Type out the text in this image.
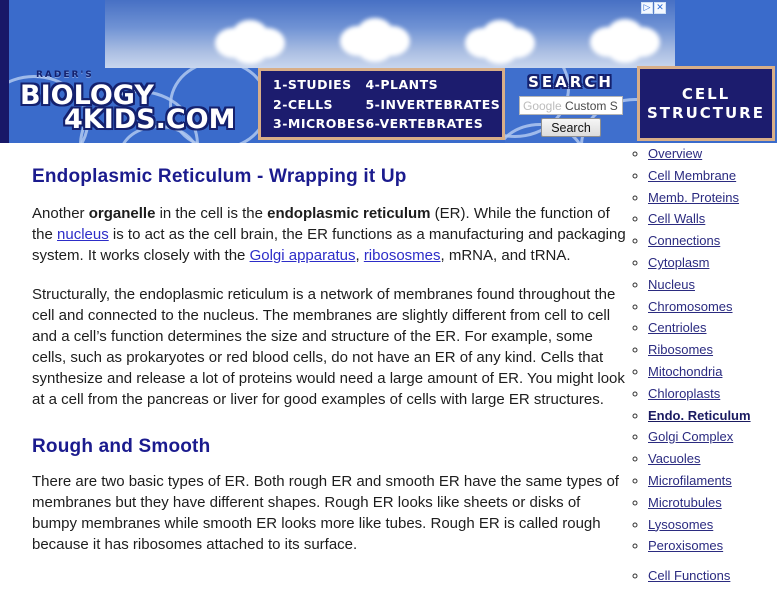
RADER'S
BIOLOGY
4KIDS.COM
▷ ✕
1-STUDIES
2-CELLS
3-MICROBES
4-PLANTS
5-INVERTEBRATES
6-VERTEBRATES
SEARCH
Google Custom S
Search
CELL
STRUCTURE
Endoplasmic Reticulum - Wrapping it Up

Another organelle in the cell is the endoplasmic reticulum (ER). While the function of the nucleus is to act as the cell brain, the ER functions as a manufacturing and packaging system. It works closely with the Golgi apparatus, ribososmes, mRNA, and tRNA.

Structurally, the endoplasmic reticulum is a network of membranes found throughout the cell and connected to the nucleus. The membranes are slightly different from cell to cell and a cell’s function determines the size and structure of the ER. For example, some cells, such as prokaryotes or red blood cells, do not have an ER of any kind. Cells that synthesize and release a lot of proteins would need a large amount of ER. You might look at a cell from the pancreas or liver for good examples of cells with large ER structures.

Rough and Smooth

There are two basic types of ER. Both rough ER and smooth ER have the same types of membranes but they have different shapes. Rough ER looks like sheets or disks of bumpy membranes while smooth ER looks more like tubes. Rough ER is called rough because it has ribosomes attached to its surface.

◦ Overview
◦ Cell Membrane
◦ Memb. Proteins
◦ Cell Walls
◦ Connections
◦ Cytoplasm
◦ Nucleus
◦ Chromosomes
◦ Centrioles
◦ Ribosomes
◦ Mitochondria
◦ Chloroplasts
◦ Endo. Reticulum
◦ Golgi Complex
◦ Vacuoles
◦ Microfilaments
◦ Microtubules
◦ Lysosomes
◦ Peroxisomes
◦ Cell Functions
